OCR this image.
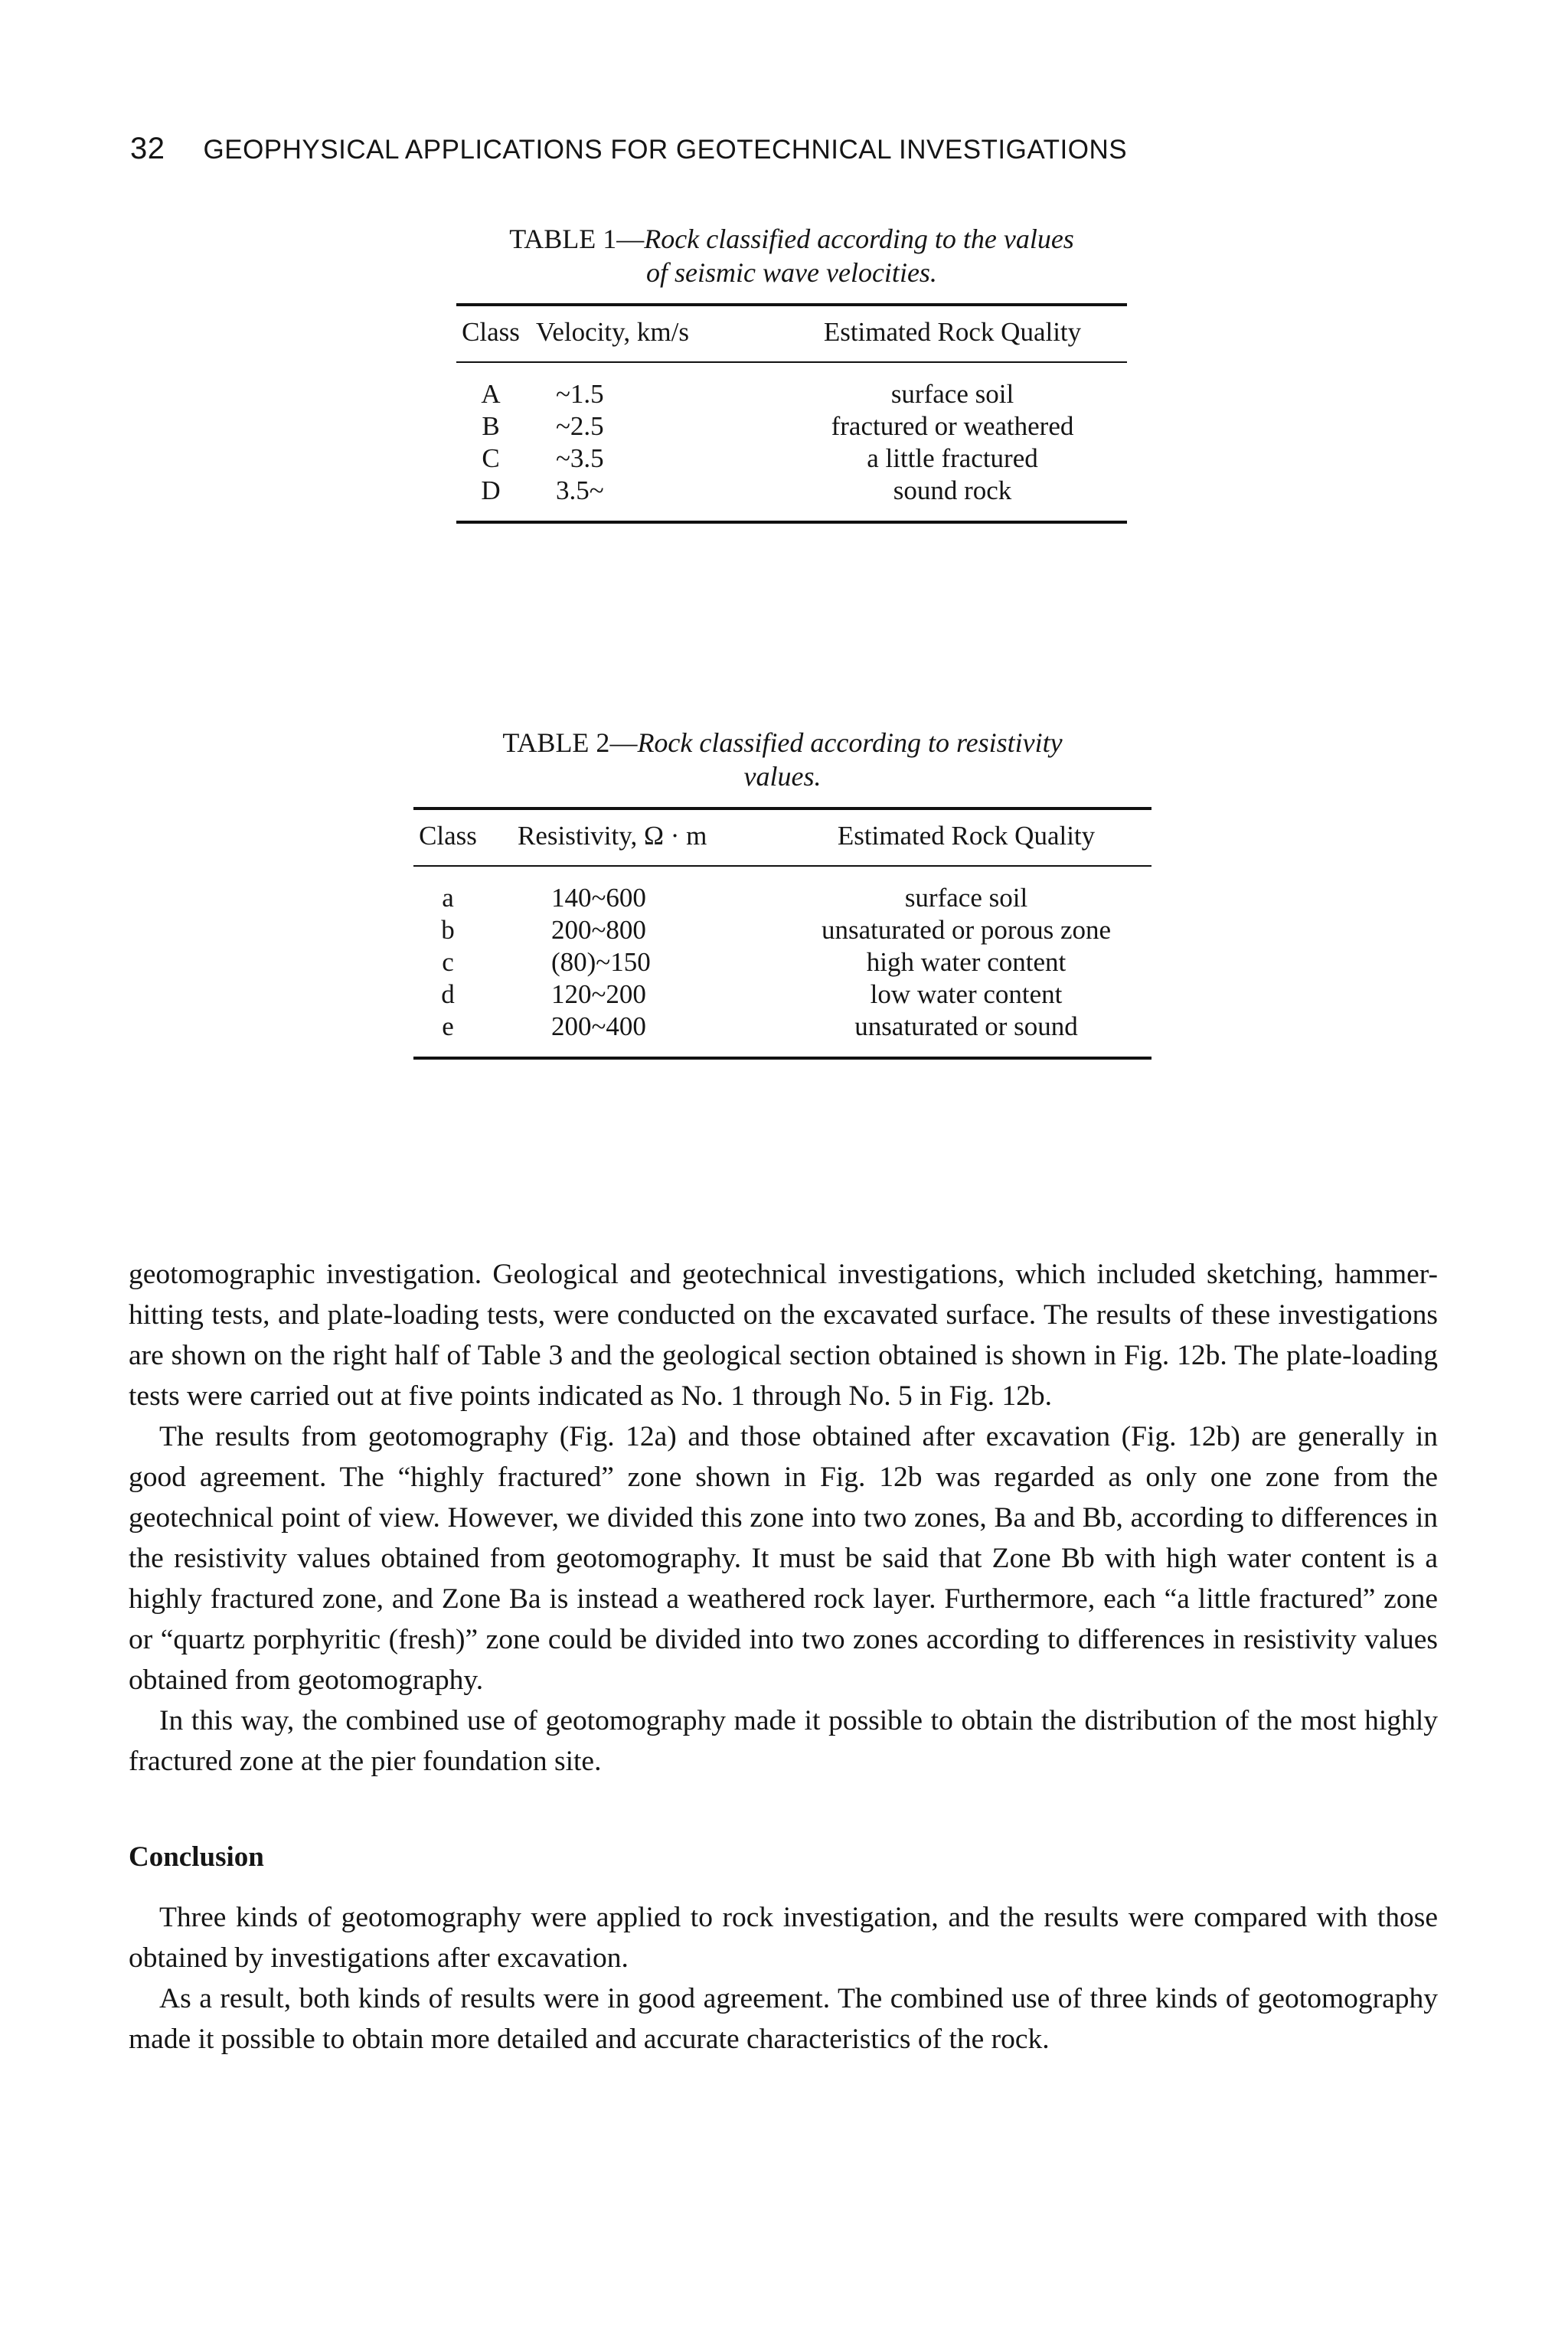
32 GEOPHYSICAL APPLICATIONS FOR GEOTECHNICAL INVESTIGATIONS
TABLE 1—Rock classified according to the values
of seismic wave velocities.
Class	Velocity, km/s	Estimated Rock Quality
A	~1.5	surface soil
B	~2.5	fractured or weathered
C	~3.5	a little fractured
D	3.5~	sound rock
TABLE 2—Rock classified according to resistivity
values.
Class	Resistivity, Ω · m	Estimated Rock Quality
a	140~600	surface soil
b	200~800	unsaturated or porous zone
c	(80)~150	high water content
d	120~200	low water content
e	200~400	unsaturated or sound

geotomographic investigation. Geological and geotechnical investigations, which included sketching, hammer-hitting tests, and plate-loading tests, were conducted on the excavated surface. The results of these investigations are shown on the right half of Table 3 and the geological section obtained is shown in Fig. 12b. The plate-loading tests were carried out at five points indicated as No. 1 through No. 5 in Fig. 12b.

The results from geotomography (Fig. 12a) and those obtained after excavation (Fig. 12b) are generally in good agreement. The “highly fractured” zone shown in Fig. 12b was regarded as only one zone from the geotechnical point of view. However, we divided this zone into two zones, Ba and Bb, according to differences in the resistivity values obtained from geotomography. It must be said that Zone Bb with high water content is a highly fractured zone, and Zone Ba is instead a weathered rock layer. Furthermore, each “a little fractured” zone or “quartz porphyritic (fresh)” zone could be divided into two zones according to differences in resistivity values obtained from geotomography.

In this way, the combined use of geotomography made it possible to obtain the distribution of the most highly fractured zone at the pier foundation site.

Conclusion

Three kinds of geotomography were applied to rock investigation, and the results were compared with those obtained by investigations after excavation.

As a result, both kinds of results were in good agreement. The combined use of three kinds of geotomography made it possible to obtain more detailed and accurate characteristics of the rock.
